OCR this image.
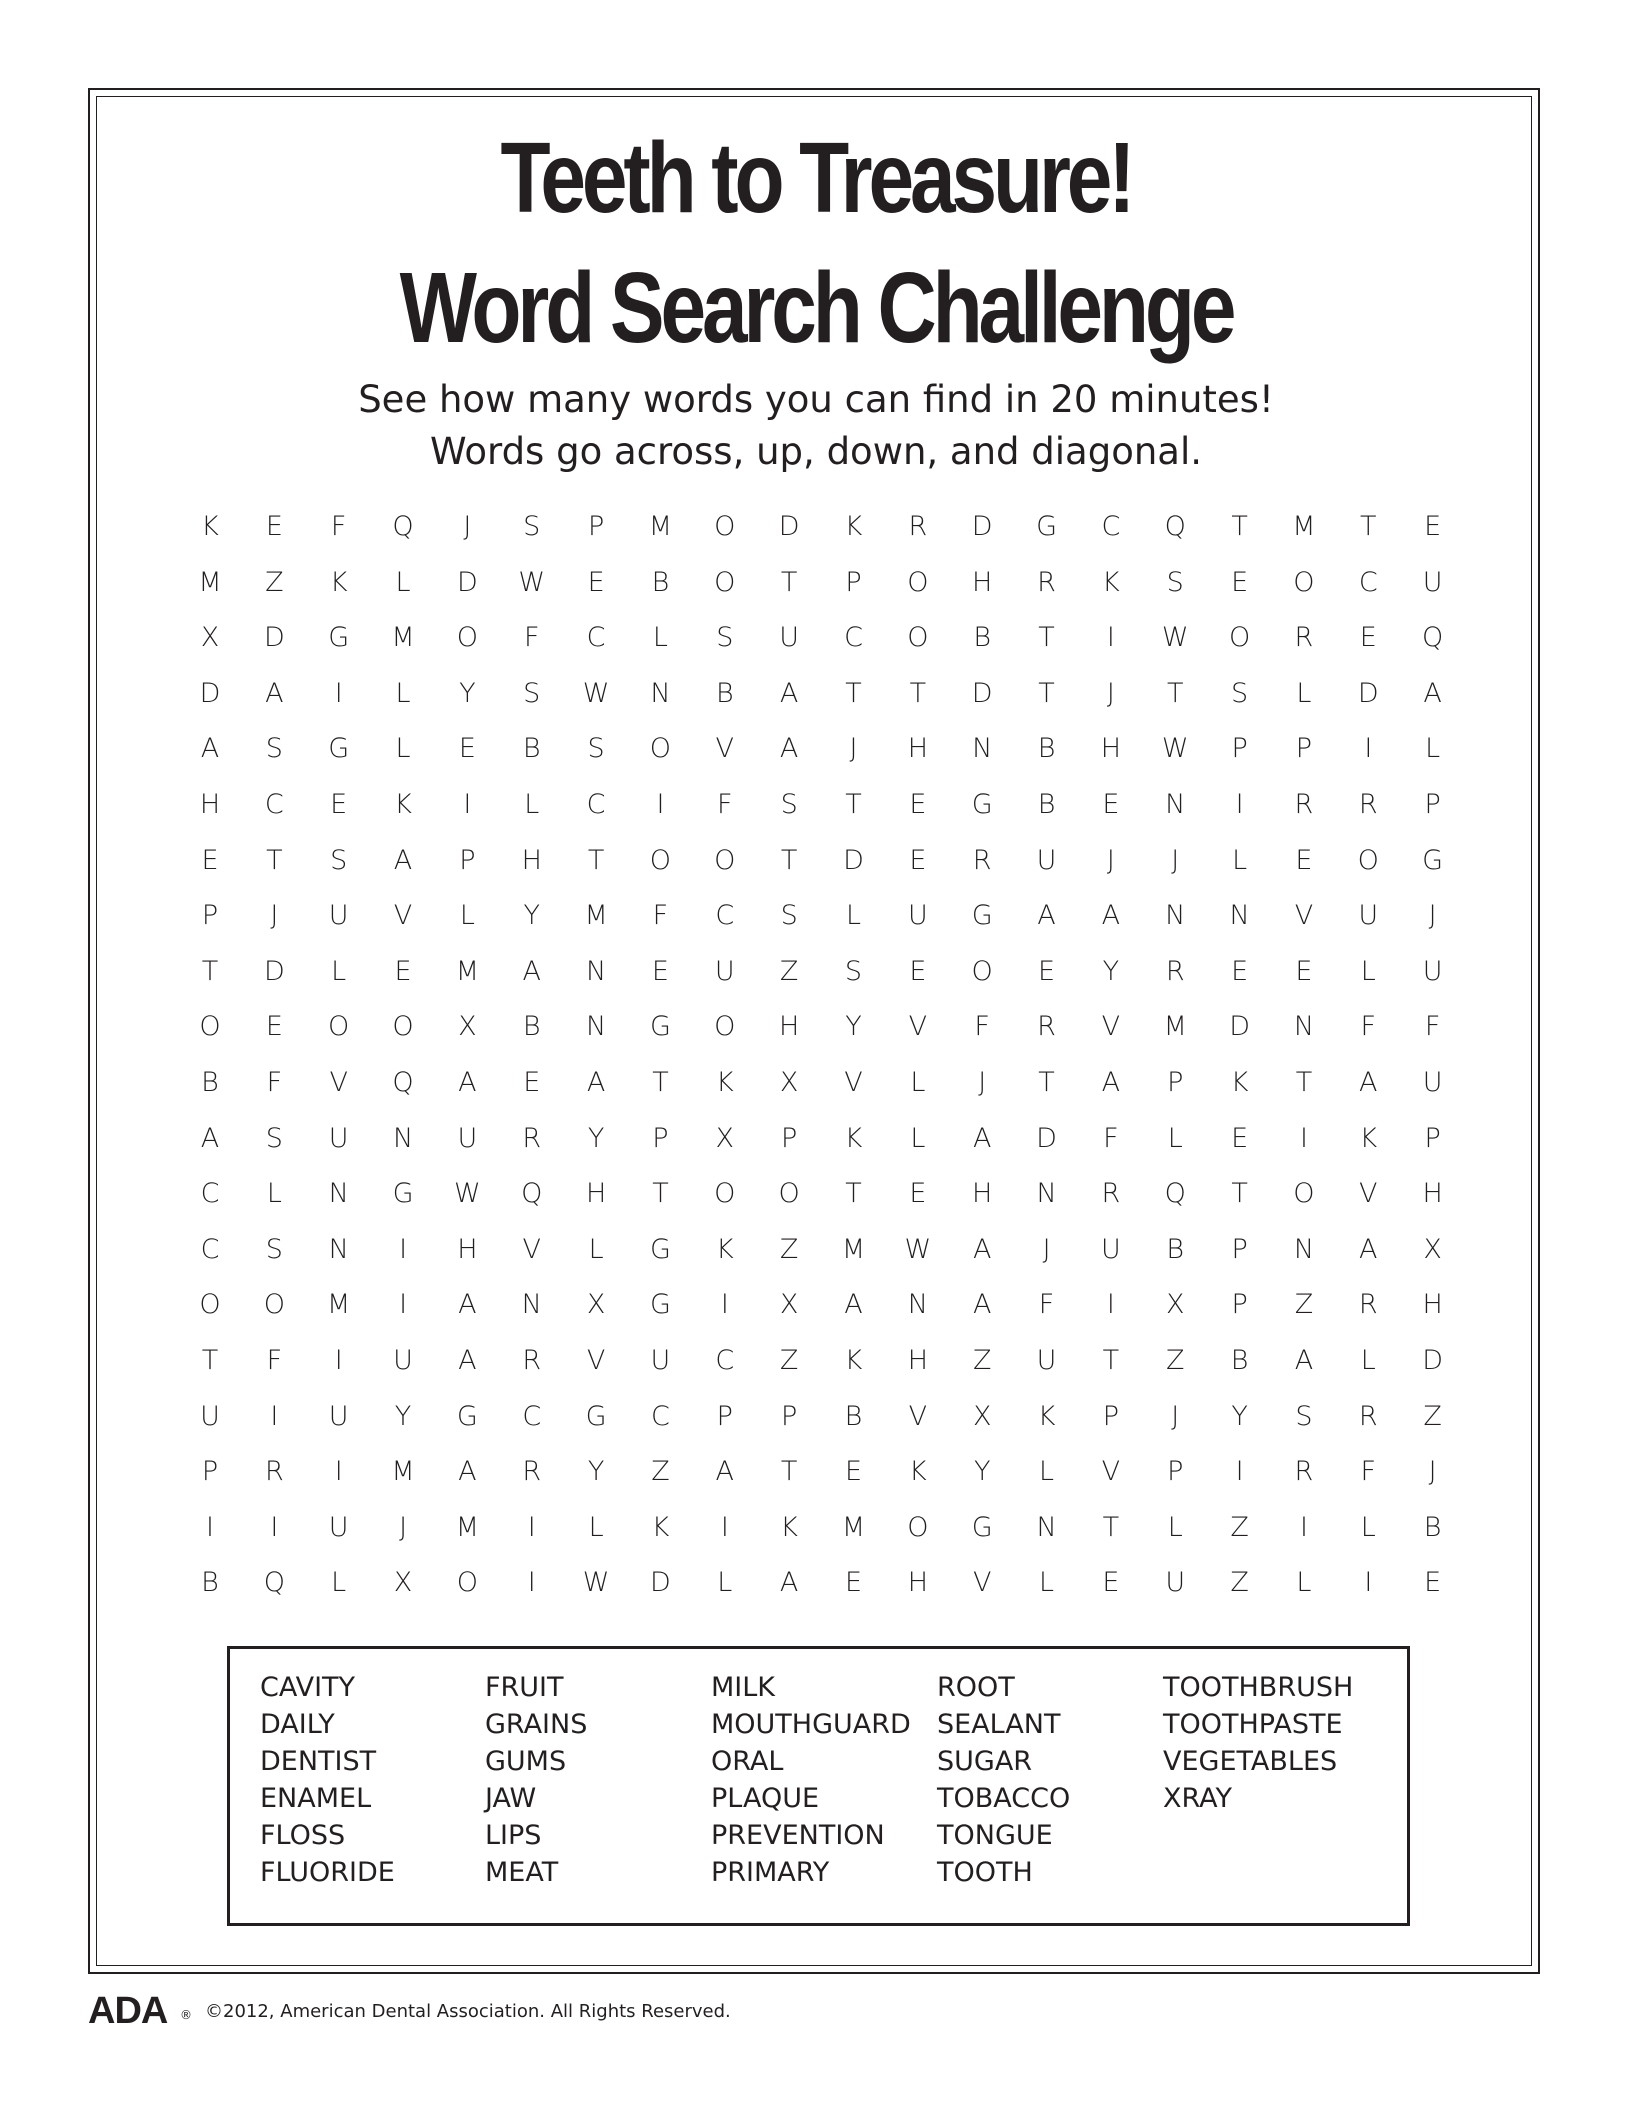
Teeth to Treasure!
Word Search Challenge
See how many words you can find in 20 minutes!
Words go across, up, down, and diagonal.
K	E	F	Q	J	S	P	M	O	D	K	R	D	G	C	Q	T	M	T	E
M	Z	K	L	D	W	E	B	O	T	P	O	H	R	K	S	E	O	C	U
X	D	G	M	O	F	C	L	S	U	C	O	B	T	I	W	O	R	E	Q
D	A	I	L	Y	S	W	N	B	A	T	T	D	T	J	T	S	L	D	A
A	S	G	L	E	B	S	O	V	A	J	H	N	B	H	W	P	P	I	L
H	C	E	K	I	L	C	I	F	S	T	E	G	B	E	N	I	R	R	P
E	T	S	A	P	H	T	O	O	T	D	E	R	U	J	J	L	E	O	G
P	J	U	V	L	Y	M	F	C	S	L	U	G	A	A	N	N	V	U	J
T	D	L	E	M	A	N	E	U	Z	S	E	O	E	Y	R	E	E	L	U
O	E	O	O	X	B	N	G	O	H	Y	V	F	R	V	M	D	N	F	F
B	F	V	Q	A	E	A	T	K	X	V	L	J	T	A	P	K	T	A	U
A	S	U	N	U	R	Y	P	X	P	K	L	A	D	F	L	E	I	K	P
C	L	N	G	W	Q	H	T	O	O	T	E	H	N	R	Q	T	O	V	H
C	S	N	I	H	V	L	G	K	Z	M	W	A	J	U	B	P	N	A	X
O	O	M	I	A	N	X	G	I	X	A	N	A	F	I	X	P	Z	R	H
T	F	I	U	A	R	V	U	C	Z	K	H	Z	U	T	Z	B	A	L	D
U	I	U	Y	G	C	G	C	P	P	B	V	X	K	P	J	Y	S	R	Z
P	R	I	M	A	R	Y	Z	A	T	E	K	Y	L	V	P	I	R	F	J
I	I	U	J	M	I	L	K	I	K	M	O	G	N	T	L	Z	I	L	B
B	Q	L	X	O	I	W	D	L	A	E	H	V	L	E	U	Z	L	I	E
CAVITY
DAILY
DENTIST
ENAMEL
FLOSS
FLUORIDE
FRUIT
GRAINS
GUMS
JAW
LIPS
MEAT
MILK
MOUTHGUARD
ORAL
PLAQUE
PREVENTION
PRIMARY
ROOT
SEALANT
SUGAR
TOBACCO
TONGUE
TOOTH
TOOTHBRUSH
TOOTHPASTE
VEGETABLES
XRAY
ADA ® ©2012, American Dental Association. All Rights Reserved.
